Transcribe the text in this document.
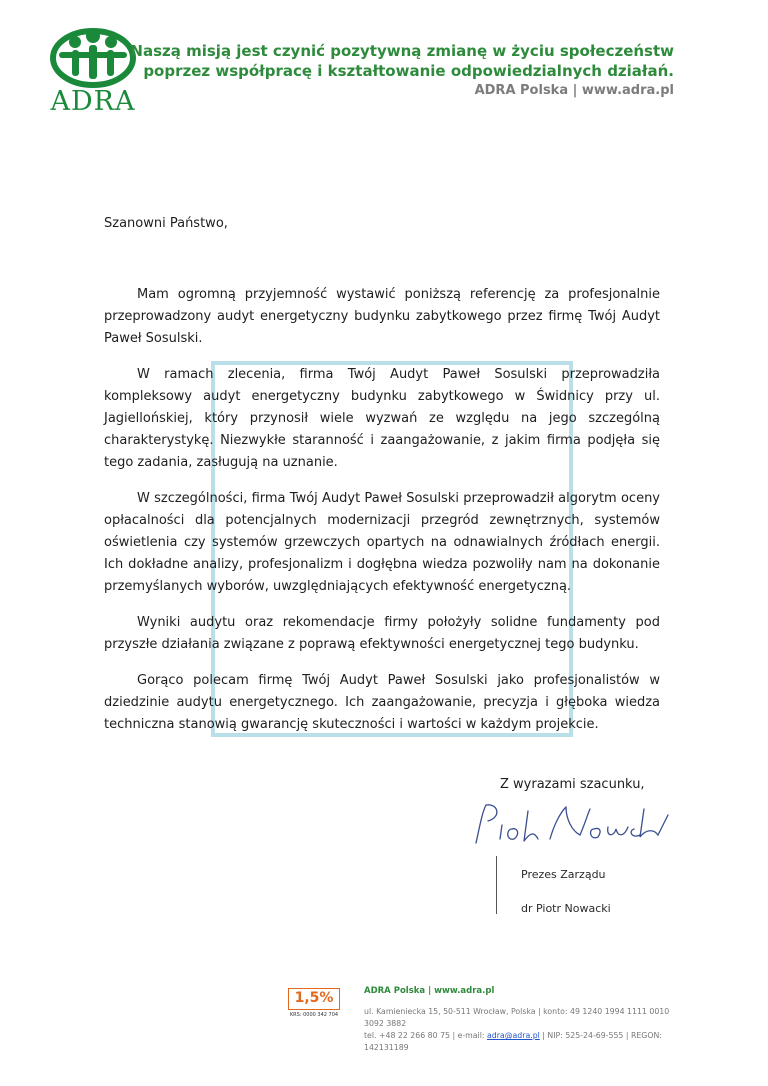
ADRA
Naszą misją jest czynić pozytywną zmianę w życiu społeczeństw
poprzez współpracę i kształtowanie odpowiedzialnych działań.
ADRA Polska | www.adra.pl
Szanowni Państwo,
​

Mam ogromną przyjemność wystawić poniższą referencję za profesjonalnie przeprowadzony audyt energetyczny budynku zabytkowego przez firmę Twój Audyt Paweł Sosulski.

W ramach zlecenia, firma Twój Audyt Paweł Sosulski przeprowadziła kompleksowy audyt energetyczny budynku zabytkowego w Świdnicy przy ul. Jagiellońskiej, który przynosił wiele wyzwań ze względu na jego szczególną charakterystykę. Niezwykłe staranność i zaangażowanie, z jakim firma podjęła się tego zadania, zasługują na uznanie.

W szczególności, firma Twój Audyt Paweł Sosulski przeprowadził algorytm oceny opłacalności dla potencjalnych modernizacji przegród zewnętrznych, systemów oświetlenia czy systemów grzewczych opartych na odnawialnych źródłach energii. Ich dokładne analizy, profesjonalizm i dogłębna wiedza pozwoliły nam na dokonanie przemyślanych wyborów, uwzględniających efektywność energetyczną.

Wyniki audytu oraz rekomendacje firmy położyły solidne fundamenty pod przyszłe działania związane z poprawą efektywności energetycznej tego budynku.

Gorąco polecam firmę Twój Audyt Paweł Sosulski jako profesjonalistów w dziedzinie audytu energetycznego. Ich zaangażowanie, precyzja i głęboka wiedza techniczna stanowią gwarancję skuteczności i wartości w każdym projekcie.

Z wyrazami szacunku,
Prezes Zarządu
dr Piotr Nowacki
1,5%
KRS: 0000 342 704
ADRA Polska | www.adra.pl
ul. Kamieniecka 15, 50-511 Wrocław, Polska | konto: 49 1240 1994 1111 0010 3092 3882
tel. +48 22 266 80 75 | e-mail: adra@adra.pl | NIP: 525-24-69-555 | REGON: 142131189
